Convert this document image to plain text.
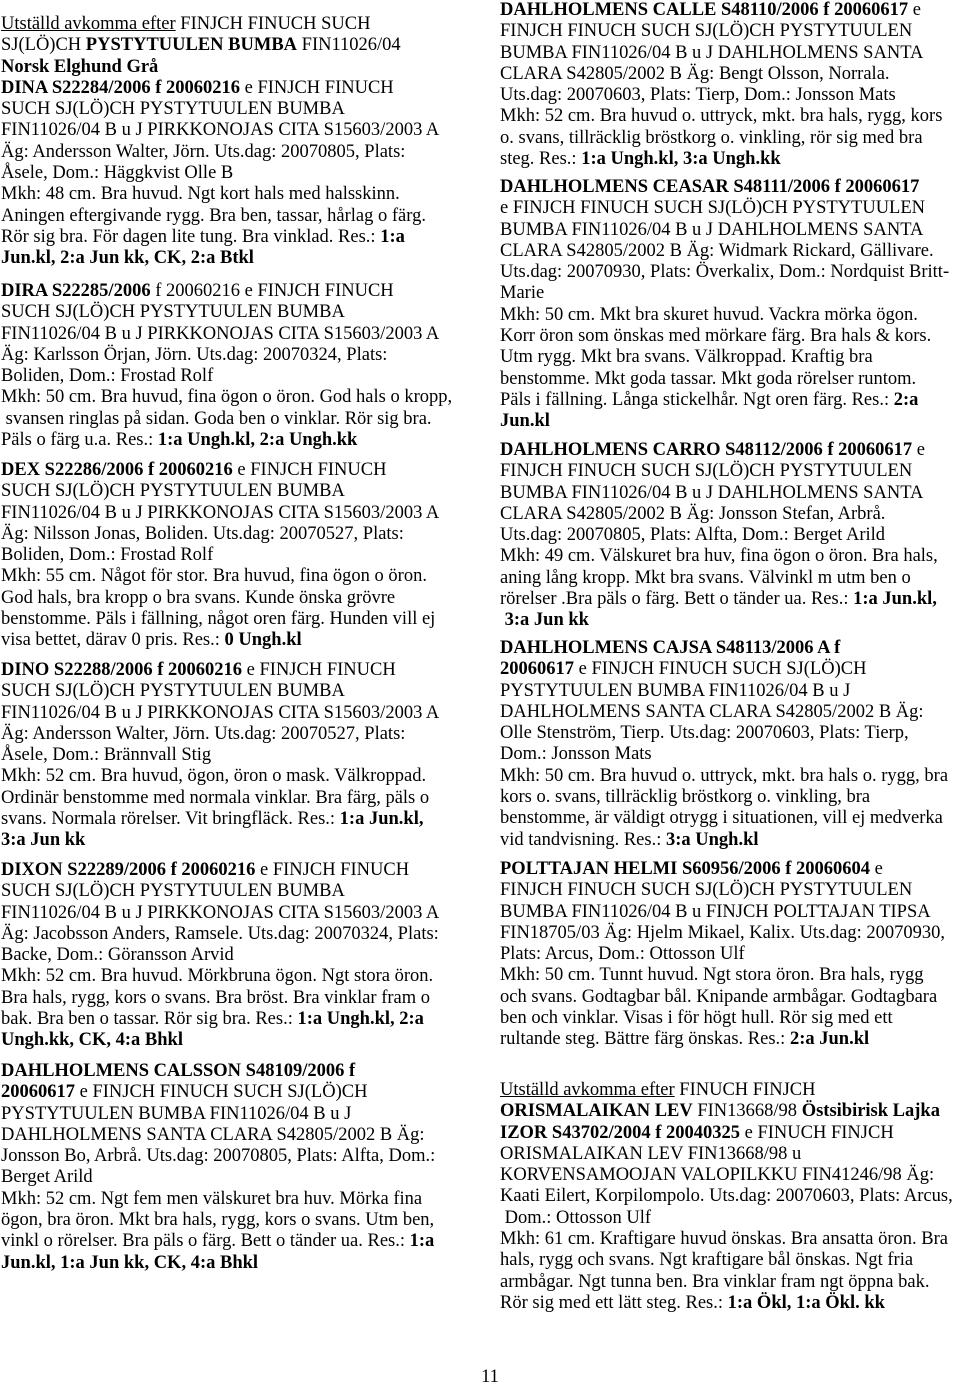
Utställd avkomma efter FINJCH FINUCH SUCH
SJ(LÖ)CH PYSTYTUULEN BUMBA FIN11026/04
Norsk Elghund Grå
DINA S22284/2006 f 20060216 e FINJCH FINUCH
SUCH SJ(LÖ)CH PYSTYTUULEN BUMBA
FIN11026/04 B u J PIRKKONOJAS CITA S15603/2003 A
Äg: Andersson Walter, Jörn. Uts.dag: 20070805, Plats:
Åsele, Dom.: Häggkvist Olle B
Mkh: 48 cm. Bra huvud. Ngt kort hals med halsskinn.
Aningen eftergivande rygg. Bra ben, tassar, hårlag o färg.
Rör sig bra. För dagen lite tung. Bra vinklad. Res.: 1:a
Jun.kl, 2:a Jun kk, CK, 2:a Btkl
DIRA S22285/2006 f 20060216 e FINJCH FINUCH
SUCH SJ(LÖ)CH PYSTYTUULEN BUMBA
FIN11026/04 B u J PIRKKONOJAS CITA S15603/2003 A
Äg: Karlsson Örjan, Jörn. Uts.dag: 20070324, Plats:
Boliden, Dom.: Frostad Rolf
Mkh: 50 cm. Bra huvud, fina ögon o öron. God hals o kropp,
svansen ringlas på sidan. Goda ben o vinklar. Rör sig bra.
Päls o färg u.a. Res.: 1:a Ungh.kl, 2:a Ungh.kk
DEX S22286/2006 f 20060216 e FINJCH FINUCH
SUCH SJ(LÖ)CH PYSTYTUULEN BUMBA
FIN11026/04 B u J PIRKKONOJAS CITA S15603/2003 A
Äg: Nilsson Jonas, Boliden. Uts.dag: 20070527, Plats:
Boliden, Dom.: Frostad Rolf
Mkh: 55 cm. Något för stor. Bra huvud, fina ögon o öron.
God hals, bra kropp o bra svans. Kunde önska grövre
benstomme. Päls i fällning, något oren färg. Hunden vill ej
visa bettet, därav 0 pris. Res.: 0 Ungh.kl
DINO S22288/2006 f 20060216 e FINJCH FINUCH
SUCH SJ(LÖ)CH PYSTYTUULEN BUMBA
FIN11026/04 B u J PIRKKONOJAS CITA S15603/2003 A
Äg: Andersson Walter, Jörn. Uts.dag: 20070527, Plats:
Åsele, Dom.: Brännvall Stig
Mkh: 52 cm. Bra huvud, ögon, öron o mask. Välkroppad.
Ordinär benstomme med normala vinklar. Bra färg, päls o
svans. Normala rörelser. Vit bringfläck. Res.: 1:a Jun.kl,
3:a Jun kk
DIXON S22289/2006 f 20060216 e FINJCH FINUCH
SUCH SJ(LÖ)CH PYSTYTUULEN BUMBA
FIN11026/04 B u J PIRKKONOJAS CITA S15603/2003 A
Äg: Jacobsson Anders, Ramsele. Uts.dag: 20070324, Plats:
Backe, Dom.: Göransson Arvid
Mkh: 52 cm. Bra huvud. Mörkbruna ögon. Ngt stora öron.
Bra hals, rygg, kors o svans. Bra bröst. Bra vinklar fram o
bak. Bra ben o tassar. Rör sig bra. Res.: 1:a Ungh.kl, 2:a
Ungh.kk, CK, 4:a Bhkl
DAHLHOLMENS CALSSON S48109/2006 f
20060617 e FINJCH FINUCH SUCH SJ(LÖ)CH
PYSTYTUULEN BUMBA FIN11026/04 B u J
DAHLHOLMENS SANTA CLARA S42805/2002 B Äg:
Jonsson Bo, Arbrå. Uts.dag: 20070805, Plats: Alfta, Dom.:
Berget Arild
Mkh: 52 cm. Ngt fem men välskuret bra huv. Mörka fina
ögon, bra öron. Mkt bra hals, rygg, kors o svans. Utm ben,
vinkl o rörelser. Bra päls o färg. Bett o tänder ua. Res.: 1:a
Jun.kl, 1:a Jun kk, CK, 4:a Bhkl
DAHLHOLMENS CALLE S48110/2006 f 20060617 e
FINJCH FINUCH SUCH SJ(LÖ)CH PYSTYTUULEN
BUMBA FIN11026/04 B u J DAHLHOLMENS SANTA
CLARA S42805/2002 B Äg: Bengt Olsson, Norrala.
Uts.dag: 20070603, Plats: Tierp, Dom.: Jonsson Mats
Mkh: 52 cm. Bra huvud o. uttryck, mkt. bra hals, rygg, kors
o. svans, tillräcklig bröstkorg o. vinkling, rör sig med bra
steg. Res.: 1:a Ungh.kl, 3:a Ungh.kk
DAHLHOLMENS CEASAR S48111/2006 f 20060617
e FINJCH FINUCH SUCH SJ(LÖ)CH PYSTYTUULEN
BUMBA FIN11026/04 B u J DAHLHOLMENS SANTA
CLARA S42805/2002 B Äg: Widmark Rickard, Gällivare.
Uts.dag: 20070930, Plats: Överkalix, Dom.: Nordquist Britt-
Marie
Mkh: 50 cm. Mkt bra skuret huvud. Vackra mörka ögon.
Korr öron som önskas med mörkare färg. Bra hals & kors.
Utm rygg. Mkt bra svans. Välkroppad. Kraftig bra
benstomme. Mkt goda tassar. Mkt goda rörelser runtom.
Päls i fällning. Långa stickelhår. Ngt oren färg. Res.: 2:a
Jun.kl
DAHLHOLMENS CARRO S48112/2006 f 20060617 e
FINJCH FINUCH SUCH SJ(LÖ)CH PYSTYTUULEN
BUMBA FIN11026/04 B u J DAHLHOLMENS SANTA
CLARA S42805/2002 B Äg: Jonsson Stefan, Arbrå.
Uts.dag: 20070805, Plats: Alfta, Dom.: Berget Arild
Mkh: 49 cm. Välskuret bra huv, fina ögon o öron. Bra hals,
aning lång kropp. Mkt bra svans. Välvinkl m utm ben o
rörelser .Bra päls o färg. Bett o tänder ua. Res.: 1:a Jun.kl,
3:a Jun kk
DAHLHOLMENS CAJSA S48113/2006 A f
20060617 e FINJCH FINUCH SUCH SJ(LÖ)CH
PYSTYTUULEN BUMBA FIN11026/04 B u J
DAHLHOLMENS SANTA CLARA S42805/2002 B Äg:
Olle Stenström, Tierp. Uts.dag: 20070603, Plats: Tierp,
Dom.: Jonsson Mats
Mkh: 50 cm. Bra huvud o. uttryck, mkt. bra hals o. rygg, bra
kors o. svans, tillräcklig bröstkorg o. vinkling, bra
benstomme, är väldigt otrygg i situationen, vill ej medverka
vid tandvisning. Res.: 3:a Ungh.kl
POLTTAJAN HELMI S60956/2006 f 20060604 e
FINJCH FINUCH SUCH SJ(LÖ)CH PYSTYTUULEN
BUMBA FIN11026/04 B u FINJCH POLTTAJAN TIPSA
FIN18705/03 Äg: Hjelm Mikael, Kalix. Uts.dag: 20070930,
Plats: Arcus, Dom.: Ottosson Ulf
Mkh: 50 cm. Tunnt huvud. Ngt stora öron. Bra hals, rygg
och svans. Godtagbar bål. Knipande armbågar. Godtagbara
ben och vinklar. Visas i för högt hull. Rör sig med ett
rultande steg. Bättre färg önskas. Res.: 2:a Jun.kl
Utställd avkomma efter FINUCH FINJCH
ORISMALAIKAN LEV FIN13668/98 Östsibirisk Lajka
IZOR S43702/2004 f 20040325 e FINUCH FINJCH
ORISMALAIKAN LEV FIN13668/98 u
KORVENSAMOOJAN VALOPILKKU FIN41246/98 Äg:
Kaati Eilert, Korpilompolo. Uts.dag: 20070603, Plats: Arcus,
Dom.: Ottosson Ulf
Mkh: 61 cm. Kraftigare huvud önskas. Bra ansatta öron. Bra
hals, rygg och svans. Ngt kraftigare bål önskas. Ngt fria
armbågar. Ngt tunna ben. Bra vinklar fram ngt öppna bak.
Rör sig med ett lätt steg. Res.: 1:a Ökl, 1:a Ökl. kk
11
